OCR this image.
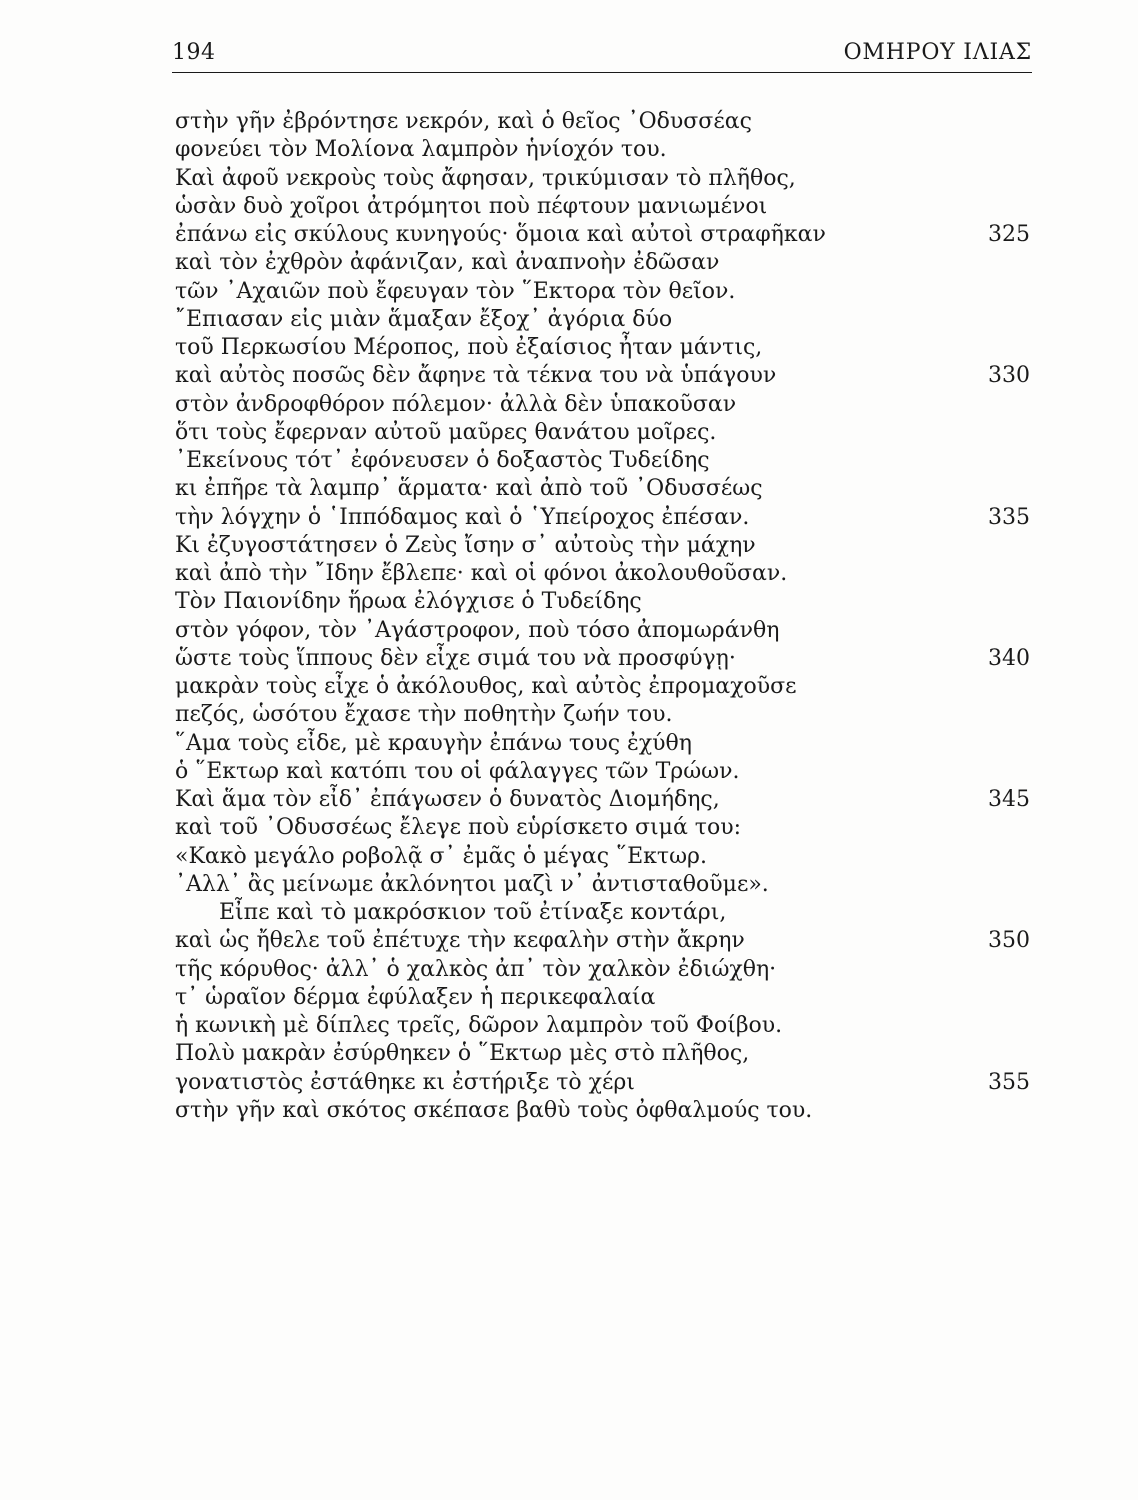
194	ΟΜΗΡΟΥ ΙΛΙΑΣ
στὴν γῆν ἐβρόντησε νεκρόν, καὶ ὁ θεῖος ᾿Οδυσσέας
φονεύει τὸν Μολίονα λαμπρὸν ἡνίοχόν του.
Καὶ ἀφοῦ νεκροὺς τοὺς ἄφησαν, τρικύμισαν τὸ πλῆθος,
ὡσὰν δυὸ χοῖροι ἀτρόμητοι ποὺ πέφτουν μανιωμένοι
ἐπάνω εἰς σκύλους κυνηγούς· ὅμοια καὶ αὐτοὶ στραφῆκαν	325
καὶ τὸν ἐχθρὸν ἀφάνιζαν, καὶ ἀναπνοὴν ἐδῶσαν
τῶν ᾿Αχαιῶν ποὺ ἔφευγαν τὸν ῞Εκτορα τὸν θεῖον.
῎Επιασαν εἰς μιὰν ἅμαξαν ἔξοχ᾿ ἀγόρια δύο
τοῦ Περκωσίου Μέροπος, ποὺ ἐξαίσιος ἦταν μάντις,
καὶ αὐτὸς ποσῶς δὲν ἄφηνε τὰ τέκνα του νὰ ὑπάγουν	330
στὸν ἀνδροφθόρον πόλεμον· ἀλλὰ δὲν ὑπακοῦσαν
ὅτι τοὺς ἔφερναν αὐτοῦ μαῦρες θανάτου μοῖρες.
᾿Εκείνους τότ᾿ ἐφόνευσεν ὁ δοξαστὸς Τυδείδης
κι ἐπῆρε τὰ λαμπρ᾿ ἅρματα· καὶ ἀπὸ τοῦ ᾿Οδυσσέως
τὴν λόγχην ὁ ῾Ιππόδαμος καὶ ὁ ῾Υπείροχος ἐπέσαν.	335
Κι ἐζυγοστάτησεν ὁ Ζεὺς ἴσην σ᾿ αὐτοὺς τὴν μάχην
καὶ ἀπὸ τὴν ῎Ιδην ἔβλεπε· καὶ οἱ φόνοι ἀκολουθοῦσαν.
Τὸν Παιονίδην ἥρωα ἐλόγχισε ὁ Τυδείδης
στὸν γόφον, τὸν ᾿Αγάστροφον, ποὺ τόσο ἀπομωράνθη
ὥστε τοὺς ἵππους δὲν εἶχε σιμά του νὰ προσφύγῃ·	340
μακρὰν τοὺς εἶχε ὁ ἀκόλουθος, καὶ αὐτὸς ἐπρομαχοῦσε
πεζός, ὡσότου ἔχασε τὴν ποθητὴν ζωήν του.
῞Αμα τοὺς εἶδε, μὲ κραυγὴν ἐπάνω τους ἐχύθη
ὁ ῞Εκτωρ καὶ κατόπι του οἱ φάλαγγες τῶν Τρώων.
Καὶ ἅμα τὸν εἶδ᾿ ἐπάγωσεν ὁ δυνατὸς Διομήδης,	345
καὶ τοῦ ᾿Οδυσσέως ἔλεγε ποὺ εὑρίσκετο σιμά του:
«Κακὸ μεγάλο ροβολᾷ σ᾿ ἐμᾶς ὁ μέγας ῞Εκτωρ.
᾿Αλλ᾿ ἂς μείνωμε ἀκλόνητοι μαζὶ ν᾿ ἀντισταθοῦμε».
Εἶπε καὶ τὸ μακρόσκιον τοῦ ἐτίναξε κοντάρι,
καὶ ὡς ἤθελε τοῦ ἐπέτυχε τὴν κεφαλὴν στὴν ἄκρην	350
τῆς κόρυθος· ἀλλ᾿ ὁ χαλκὸς ἀπ᾿ τὸν χαλκὸν ἐδιώχθη·
τ᾿ ὡραῖον δέρμα ἐφύλαξεν ἡ περικεφαλαία
ἡ κωνικὴ μὲ δίπλες τρεῖς, δῶρον λαμπρὸν τοῦ Φοίβου.
Πολὺ μακρὰν ἐσύρθηκεν ὁ ῞Εκτωρ μὲς στὸ πλῆθος,
γονατιστὸς ἐστάθηκε κι ἐστήριξε τὸ χέρι	355
στὴν γῆν καὶ σκότος σκέπασε βαθὺ τοὺς ὀφθαλμούς του.
